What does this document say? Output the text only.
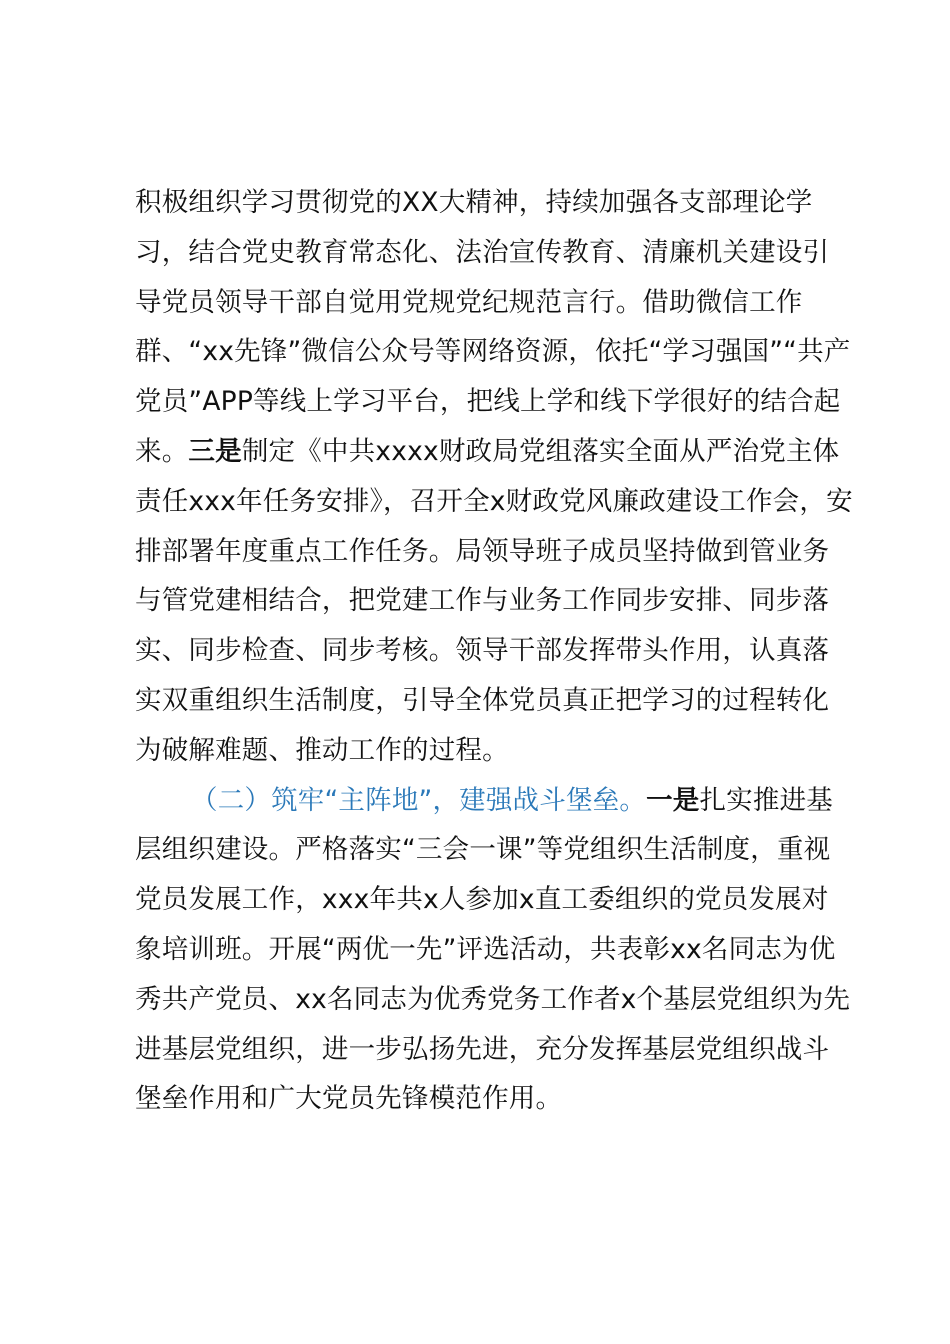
积极组织学习贯彻党的XX大精神，持续加强各支部理论学习，结合党史教育常态化、法治宣传教育、清廉机关建设引导党员领导干部自觉用党规党纪规范言行。借助微信工作群、“xx先锋”微信公众号等网络资源，依托“学习强国”“共产党员”APP等线上学习平台，把线上学和线下学很好的结合起来。三是制定《中共xxxx财政局党组落实全面从严治党主体责任xxx年任务安排》，召开全x财政党风廉政建设工作会，安排部署年度重点工作任务。局领导班子成员坚持做到管业务与管党建相结合，把党建工作与业务工作同步安排、同步落实、同步检查、同步考核。领导干部发挥带头作用，认真落实双重组织生活制度，引导全体党员真正把学习的过程转化为破解难题、推动工作的过程。

（二）筑牢“主阵地”，建强战斗堡垒。一是扎实推进基层组织建设。严格落实“三会一课”等党组织生活制度，重视党员发展工作，xxx年共x人参加x直工委组织的党员发展对象培训班。开展“两优一先”评选活动，共表彰xx名同志为优秀共产党员、xx名同志为优秀党务工作者x个基层党组织为先进基层党组织，进一步弘扬先进，充分发挥基层党组织战斗堡垒作用和广大党员先锋模范作用。
